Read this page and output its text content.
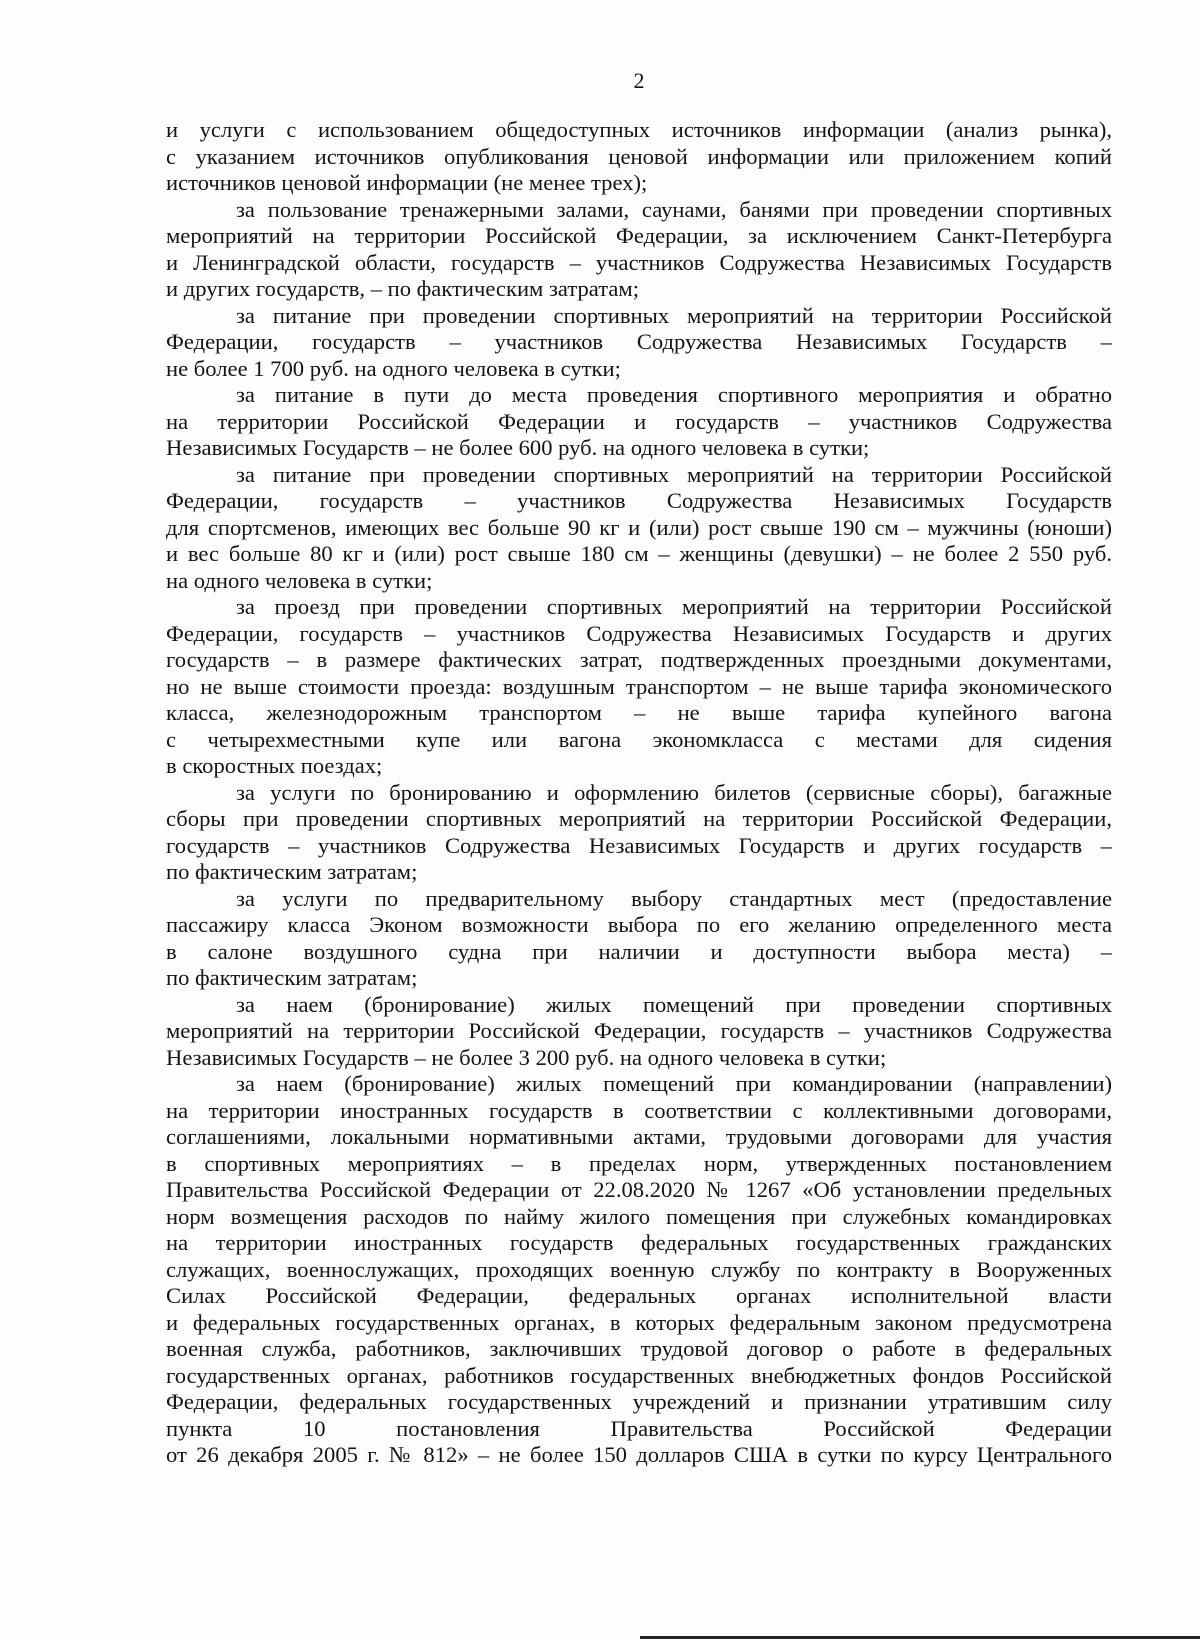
2
и услуги с использованием общедоступных источников информации (анализ рынка),
с указанием источников опубликования ценовой информации или приложением копий
источников ценовой информации (не менее трех);
за пользование тренажерными залами, саунами, банями при проведении спортивных
мероприятий на территории Российской Федерации, за исключением Санкт-Петербурга
и Ленинградской области, государств – участников Содружества Независимых Государств
и других государств, – по фактическим затратам;
за питание при проведении спортивных мероприятий на территории Российской
Федерации, государств – участников Содружества Независимых Государств –
не более 1 700 руб. на одного человека в сутки;
за питание в пути до места проведения спортивного мероприятия и обратно
на территории Российской Федерации и государств – участников Содружества
Независимых Государств – не более 600 руб. на одного человека в сутки;
за питание при проведении спортивных мероприятий на территории Российской
Федерации, государств – участников Содружества Независимых Государств
для спортсменов, имеющих вес больше 90 кг и (или) рост свыше 190 см – мужчины (юноши)
и вес больше 80 кг и (или) рост свыше 180 см – женщины (девушки) – не более 2 550 руб.
на одного человека в сутки;
за проезд при проведении спортивных мероприятий на территории Российской
Федерации, государств – участников Содружества Независимых Государств и других
государств – в размере фактических затрат, подтвержденных проездными документами,
но не выше стоимости проезда: воздушным транспортом – не выше тарифа экономического
класса, железнодорожным транспортом – не выше тарифа купейного вагона
с четырехместными купе или вагона экономкласса с местами для сидения
в скоростных поездах;
за услуги по бронированию и оформлению билетов (сервисные сборы), багажные
сборы при проведении спортивных мероприятий на территории Российской Федерации,
государств – участников Содружества Независимых Государств и других государств –
по фактическим затратам;
за услуги по предварительному выбору стандартных мест (предоставление
пассажиру класса Эконом возможности выбора по его желанию определенного места
в салоне воздушного судна при наличии и доступности выбора места) –
по фактическим затратам;
за наем (бронирование) жилых помещений при проведении спортивных
мероприятий на территории Российской Федерации, государств – участников Содружества
Независимых Государств – не более 3 200 руб. на одного человека в сутки;
за наем (бронирование) жилых помещений при командировании (направлении)
на территории иностранных государств в соответствии с коллективными договорами,
соглашениями, локальными нормативными актами, трудовыми договорами для участия
в спортивных мероприятиях – в пределах норм, утвержденных постановлением
Правительства Российской Федерации от 22.08.2020 № 1267 «Об установлении предельных
норм возмещения расходов по найму жилого помещения при служебных командировках
на территории иностранных государств федеральных государственных гражданских
служащих, военнослужащих, проходящих военную службу по контракту в Вооруженных
Силах Российской Федерации, федеральных органах исполнительной власти
и федеральных государственных органах, в которых федеральным законом предусмотрена
военная служба, работников, заключивших трудовой договор о работе в федеральных
государственных органах, работников государственных внебюджетных фондов Российской
Федерации, федеральных государственных учреждений и признании утратившим силу
пункта 10 постановления Правительства Российской Федерации
от 26 декабря 2005 г. № 812» – не более 150 долларов США в сутки по курсу Центрального
